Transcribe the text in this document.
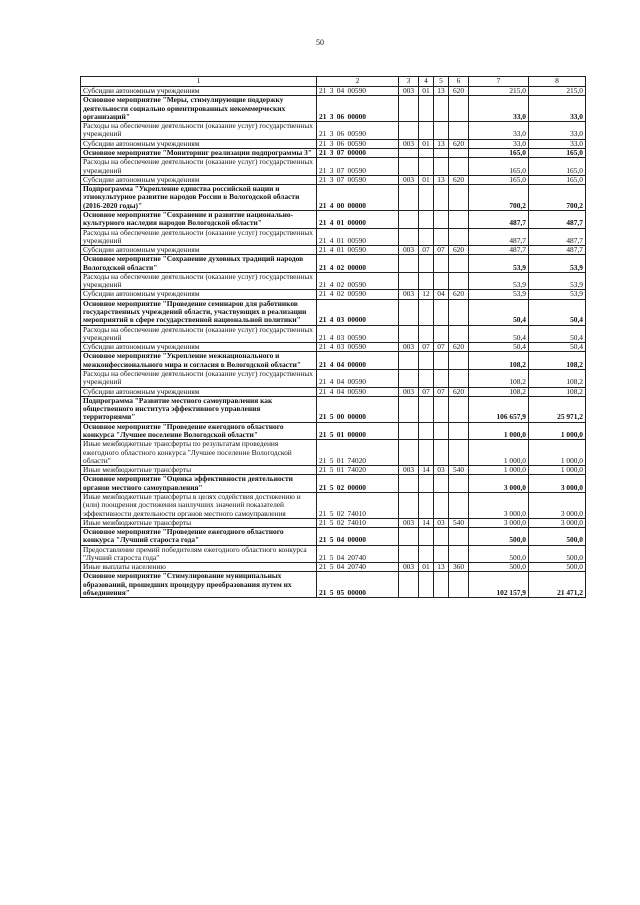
50
1	2	3	4	5	6	7	8
Субсидии автономным учреждениям	21 3 04 00590	003	01	13	620	215,0	215,0
Основное мероприятие "Меры, стимулирующие поддержку деятельности социально ориентированных некоммерческих организаций"	21 3 06 00000					33,0	33,0
Расходы на обеспечение деятельности (оказание услуг) государственных учреждений	21 3 06 00590					33,0	33,0
Субсидии автономным учреждениям	21 3 06 00590	003	01	13	620	33,0	33,0
Основное мероприятие "Мониторинг реализации подпрограммы 3"	21 3 07 00000					165,0	165,0
Расходы на обеспечение деятельности (оказание услуг) государственных учреждений	21 3 07 00590					165,0	165,0
Субсидии автономным учреждениям	21 3 07 00590	003	01	13	620	165,0	165,0
Подпрограмма "Укрепление единства российской нации и этнокультурное развитие народов России в Вологодской области (2016-2020 годы)"	21 4 00 00000					700,2	700,2
Основное мероприятие "Сохранение и развитие национально-культурного наследия народов Вологодской области"	21 4 01 00000					487,7	487,7
Расходы на обеспечение деятельности (оказание услуг) государственных учреждений	21 4 01 00590					487,7	487,7
Субсидии автономным учреждениям	21 4 01 00590	003	07	07	620	487,7	487,7
Основное мероприятие "Сохранение духовных традиций народов Вологодской области"	21 4 02 00000					53,9	53,9
Расходы на обеспечение деятельности (оказание услуг) государственных учреждений	21 4 02 00590					53,9	53,9
Субсидии автономным учреждениям	21 4 02 00590	003	12	04	620	53,9	53,9
Основное мероприятие "Проведение семинаров для работников государственных учреждений области, участвующих в реализации мероприятий в сфере государственной национальной политики"	21 4 03 00000					50,4	50,4
Расходы на обеспечение деятельности (оказание услуг) государственных учреждений	21 4 03 00590					50,4	50,4
Субсидии автономным учреждениям	21 4 03 00590	003	07	07	620	50,4	50,4
Основное мероприятие "Укрепление межнационального и межконфессионального мира и согласия в Вологодской области"	21 4 04 00000					108,2	108,2
Расходы на обеспечение деятельности (оказание услуг) государственных учреждений	21 4 04 00590					108,2	108,2
Субсидии автономным учреждениям	21 4 04 00590	003	07	07	620	108,2	108,2
Подпрограмма "Развитие местного самоуправления как общественного института эффективного управления территориями"	21 5 00 00000					106 657,9	25 971,2
Основное мероприятие "Проведение ежегодного областного конкурса "Лучшее поселение Вологодской области"	21 5 01 00000					1 000,0	1 000,0
Иные межбюджетные трансферты по результатам проведения ежегодного областного конкурса "Лучшее поселение Вологодской области"	21 5 01 74020					1 000,0	1 000,0
Иные межбюджетные трансферты	21 5 01 74020	003	14	03	540	1 000,0	1 000,0
Основное мероприятие "Оценка эффективности деятельности органов местного самоуправления"	21 5 02 00000					3 000,0	3 000,0
Иные межбюджетные трансферты в целях содействия достижению и (или) поощрения достижения наилучших значений показателей эффективности деятельности органов местного самоуправления	21 5 02 74010					3 000,0	3 000,0
Иные межбюджетные трансферты	21 5 02 74010	003	14	03	540	3 000,0	3 000,0
Основное мероприятие "Проведение ежегодного областного конкурса "Лучший староста года"	21 5 04 00000					500,0	500,0
Предоставление премий победителям ежегодного областного конкурса "Лучший староста года"	21 5 04 20740					500,0	500,0
Иные выплаты населению	21 5 04 20740	003	01	13	360	500,0	500,0
Основное мероприятие "Стимулирование муниципальных образований, прошедших процедуру преобразования путем их объединения"	21 5 05 00000					102 157,9	21 471,2
